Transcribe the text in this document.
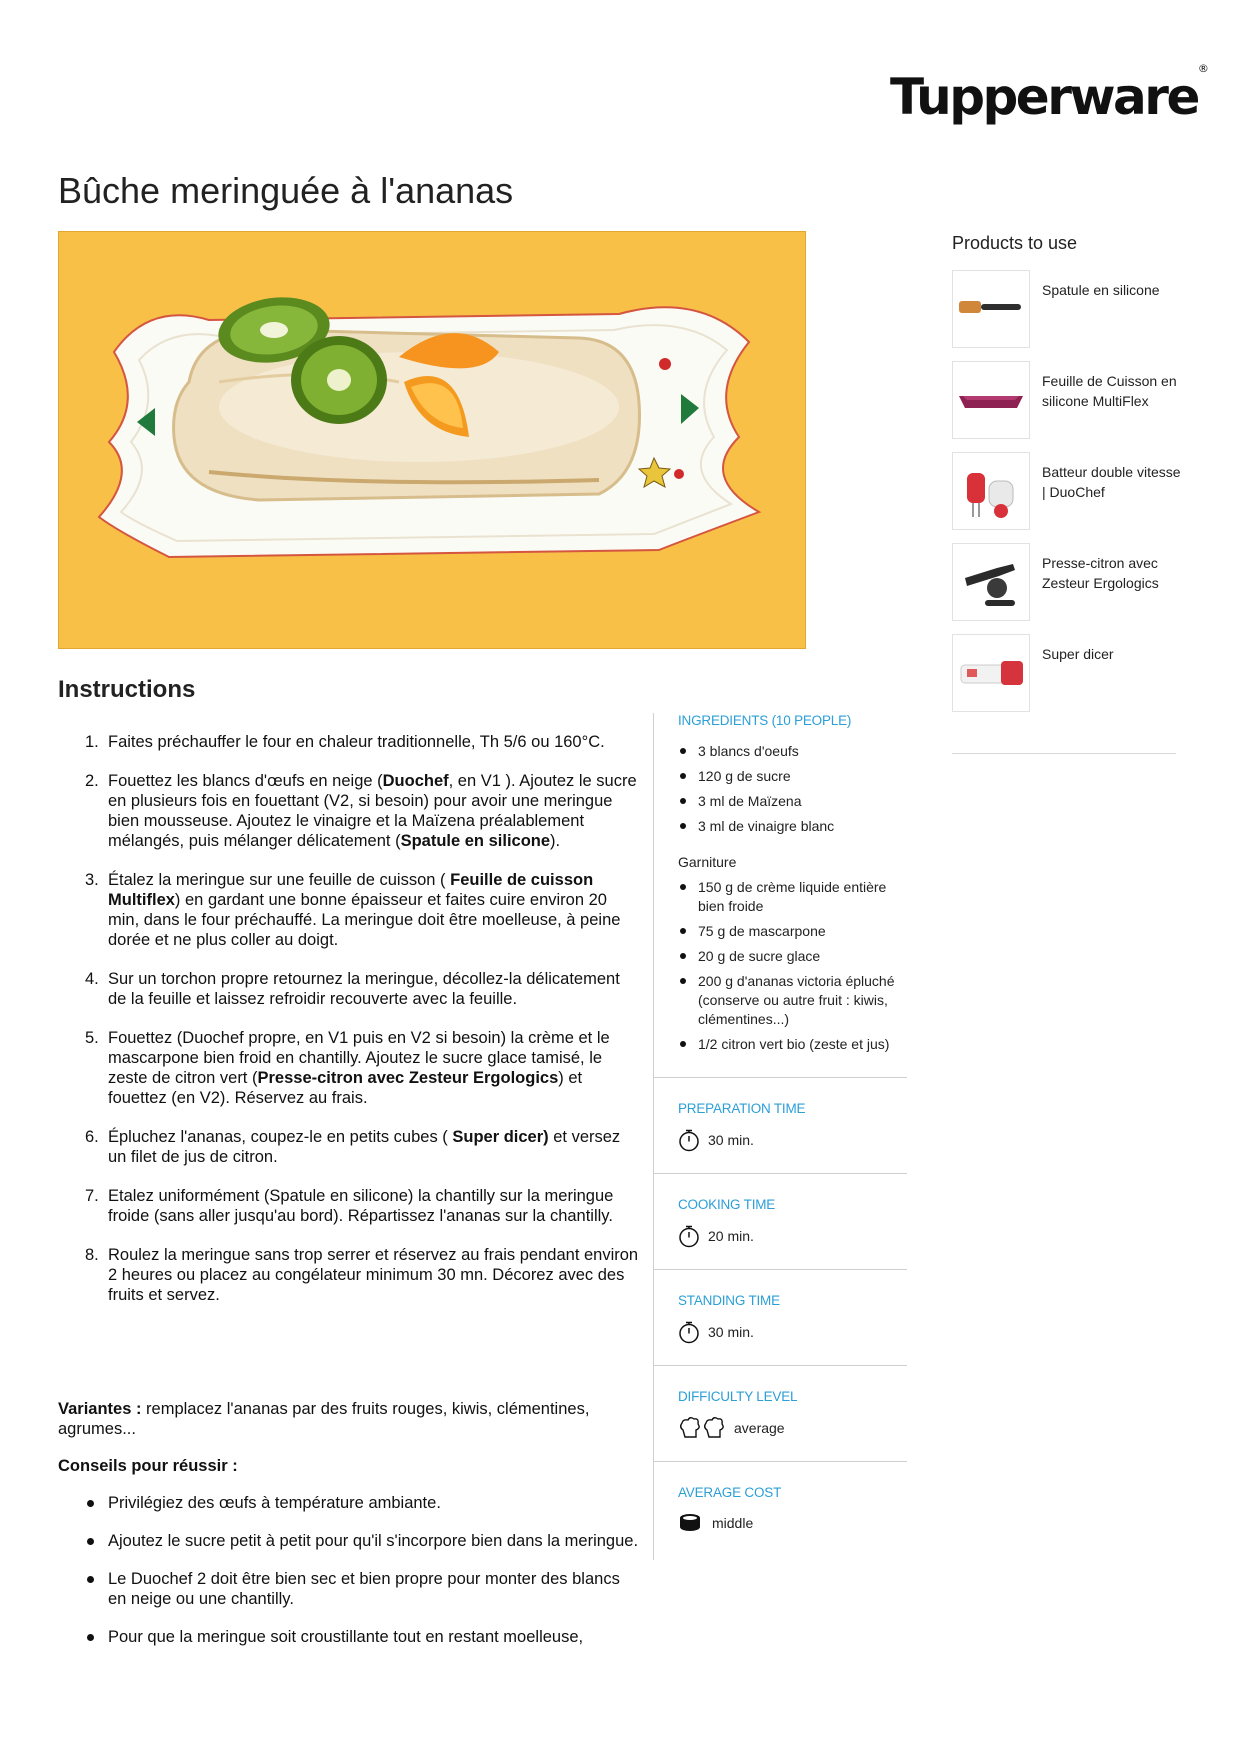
Tupperware®
Bûche meringuée à l'ananas
Products to use
Spatule en silicone
Feuille de Cuisson en silicone MultiFlex
Batteur double vitesse | DuoChef
Presse-citron avec Zesteur Ergologics
Super dicer
Instructions
1. Faites préchauffer le four en chaleur traditionnelle, Th 5/6 ou 160°C.
2. Fouettez les blancs d'œufs en neige (Duochef, en V1 ). Ajoutez le sucre en plusieurs fois en fouettant (V2, si besoin) pour avoir une meringue bien mousseuse. Ajoutez le vinaigre et la Maïzena préalablement mélangés, puis mélanger délicatement (Spatule en silicone).
3. Étalez la meringue sur une feuille de cuisson ( Feuille de cuisson Multiflex) en gardant une bonne épaisseur et faites cuire environ 20 min, dans le four préchauffé. La meringue doit être moelleuse, à peine dorée et ne plus coller au doigt.
4. Sur un torchon propre retournez la meringue, décollez-la délicatement de la feuille et laissez refroidir recouverte avec la feuille.
5. Fouettez (Duochef propre, en V1 puis en V2 si besoin) la crème et le mascarpone bien froid en chantilly. Ajoutez le sucre glace tamisé, le zeste de citron vert (Presse-citron avec Zesteur Ergologics) et fouettez (en V2). Réservez au frais.
6. Épluchez l'ananas, coupez-le en petits cubes ( Super dicer) et versez un filet de jus de citron.
7. Etalez uniformément (Spatule en silicone) la chantilly sur la meringue froide (sans aller jusqu'au bord). Répartissez l'ananas sur la chantilly.
8. Roulez la meringue sans trop serrer et réservez au frais pendant environ 2 heures ou placez au congélateur minimum 30 mn. Décorez avec des fruits et servez.
Variantes : remplacez l'ananas par des fruits rouges, kiwis, clémentines, agrumes...
Conseils pour réussir :
Privilégiez des œufs à température ambiante.
Ajoutez le sucre petit à petit pour qu'il s'incorpore bien dans la meringue.
Le Duochef 2 doit être bien sec et bien propre pour monter des blancs en neige ou une chantilly.
Pour que la meringue soit croustillante tout en restant moelleuse,
INGREDIENTS (10 PEOPLE)
3 blancs d'oeufs
120 g de sucre
3 ml de Maïzena
3 ml de vinaigre blanc
Garniture
150 g de crème liquide entière bien froide
75 g de mascarpone
20 g de sucre glace
200 g d'ananas victoria épluché (conserve ou autre fruit : kiwis, clémentines...)
1/2 citron vert bio (zeste et jus)
PREPARATION TIME
30 min.
COOKING TIME
20 min.
STANDING TIME
30 min.
DIFFICULTY LEVEL
average
AVERAGE COST
middle
